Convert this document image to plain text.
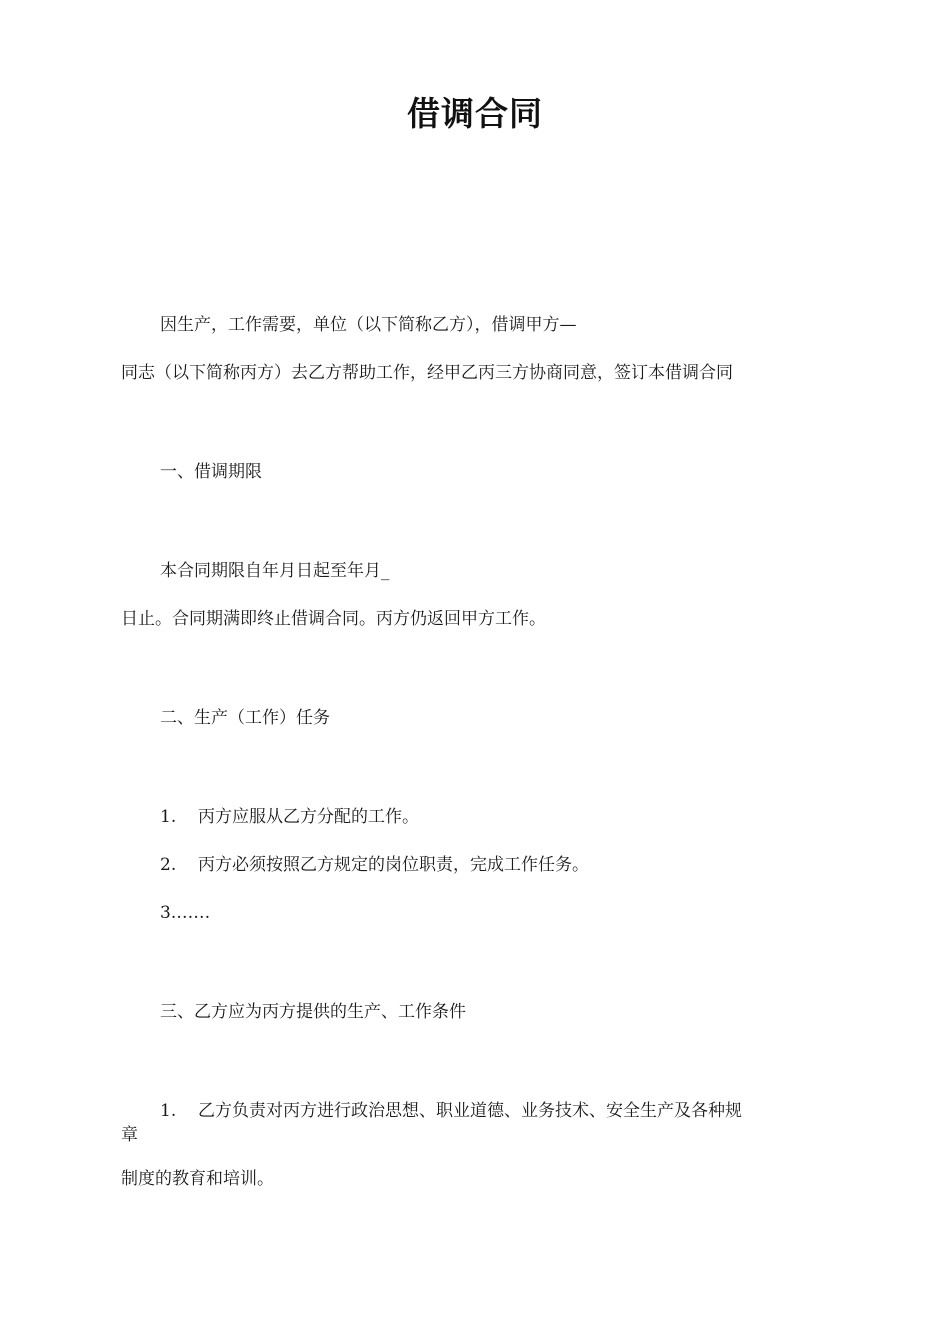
借调合同

因生产，工作需要，单位（以下简称乙方），借调甲方—

同志（以下简称丙方）去乙方帮助工作，经甲乙丙三方协商同意，签订本借调合同

一、借调期限

本合同期限自年月日起至年月_

日止。合同期满即终止借调合同。丙方仍返回甲方工作。

二、生产（工作）任务

1. 丙方应服从乙方分配的工作。

2. 丙方必须按照乙方规定的岗位职责，完成工作任务。

3.……

三、乙方应为丙方提供的生产、工作条件

1. 乙方负责对丙方进行政治思想、职业道德、业务技术、安全生产及各种规

章

制度的教育和培训。
